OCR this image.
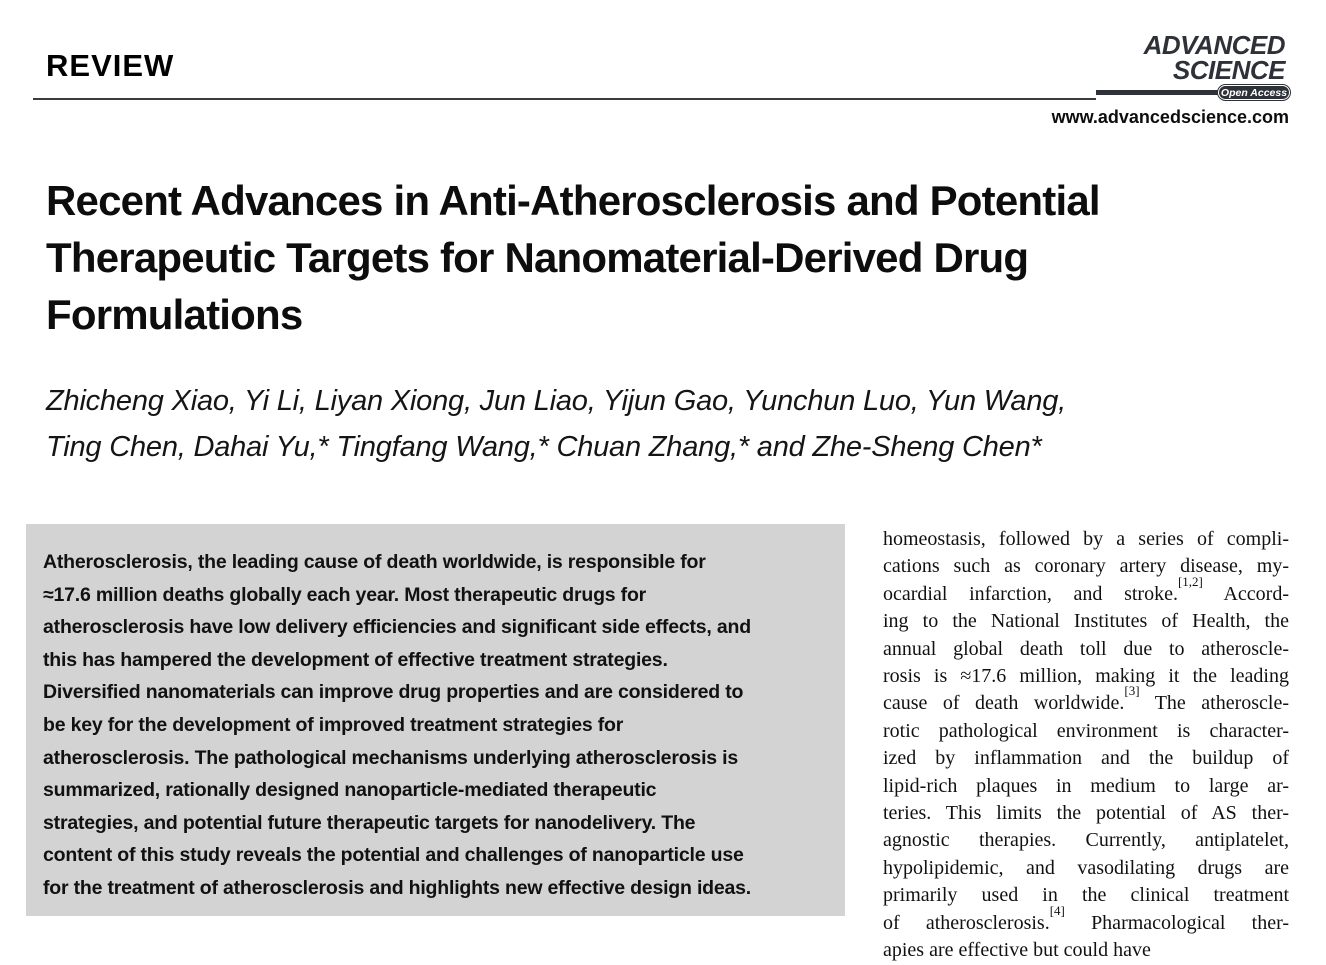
REVIEW
ADVANCED
SCIENCE
Open Access
www.advancedscience.com
Recent Advances in Anti-Atherosclerosis and Potential
Therapeutic Targets for Nanomaterial-Derived Drug
Formulations
Zhicheng Xiao, Yi Li, Liyan Xiong, Jun Liao, Yijun Gao, Yunchun Luo, Yun Wang,
Ting Chen, Dahai Yu,* Tingfang Wang,* Chuan Zhang,* and Zhe-Sheng Chen*
Atherosclerosis, the leading cause of death worldwide, is responsible for
≈17.6 million deaths globally each year. Most therapeutic drugs for
atherosclerosis have low delivery efficiencies and significant side effects, and
this has hampered the development of effective treatment strategies.
Diversified nanomaterials can improve drug properties and are considered to
be key for the development of improved treatment strategies for
atherosclerosis. The pathological mechanisms underlying atherosclerosis is
summarized, rationally designed nanoparticle-mediated therapeutic
strategies, and potential future therapeutic targets for nanodelivery. The
content of this study reveals the potential and challenges of nanoparticle use
for the treatment of atherosclerosis and highlights new effective design ideas.
homeostasis, followed by a series of compli-
cations such as coronary artery disease, my-
ocardial infarction, and stroke.[1,2] Accord-
ing to the National Institutes of Health, the
annual global death toll due to atheroscle-
rosis is ≈17.6 million, making it the leading
cause of death worldwide.[3] The atheroscle-
rotic pathological environment is character-
ized by inflammation and the buildup of
lipid-rich plaques in medium to large ar-
teries. This limits the potential of AS ther-
agnostic therapies. Currently, antiplatelet,
hypolipidemic, and vasodilating drugs are
primarily used in the clinical treatment
of atherosclerosis.[4] Pharmacological ther-
apies are effective but could have
